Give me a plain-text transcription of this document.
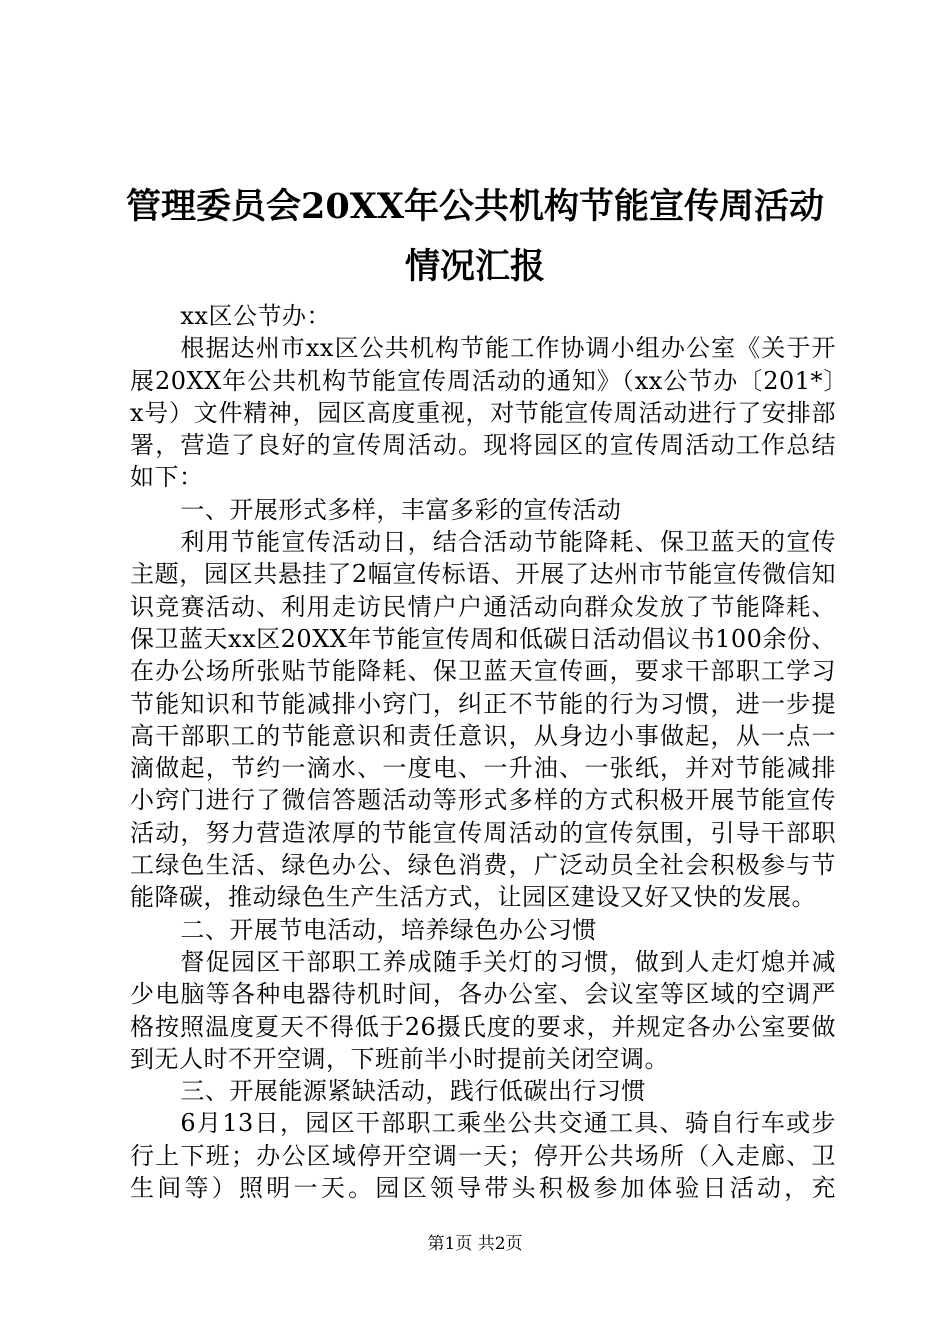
管理委员会20XX年公共机构节能宣传周活动
情况汇报

xx区公节办：

根据达州市xx区公共机构节能工作协调小组办公室《关于开展20XX年公共机构节能宣传周活动的通知》（xx公节办〔201*〕x号）文件精神，园区高度重视，对节能宣传周活动进行了安排部署，营造了良好的宣传周活动。现将园区的宣传周活动工作总结如下：

一、开展形式多样，丰富多彩的宣传活动

利用节能宣传活动日，结合活动节能降耗、保卫蓝天的宣传主题，园区共悬挂了2幅宣传标语、开展了达州市节能宣传微信知识竞赛活动、利用走访民情户户通活动向群众发放了节能降耗、保卫蓝天xx区20XX年节能宣传周和低碳日活动倡议书100余份、在办公场所张贴节能降耗、保卫蓝天宣传画，要求干部职工学习节能知识和节能减排小窍门，纠正不节能的行为习惯，进一步提高干部职工的节能意识和责任意识，从身边小事做起，从一点一滴做起，节约一滴水、一度电、一升油、一张纸，并对节能减排小窍门进行了微信答题活动等形式多样的方式积极开展节能宣传活动，努力营造浓厚的节能宣传周活动的宣传氛围，引导干部职工绿色生活、绿色办公、绿色消费，广泛动员全社会积极参与节能降碳，推动绿色生产生活方式，让园区建设又好又快的发展。

二、开展节电活动，培养绿色办公习惯

督促园区干部职工养成随手关灯的习惯，做到人走灯熄并减少电脑等各种电器待机时间，各办公室、会议室等区域的空调严格按照温度夏天不得低于26摄氏度的要求，并规定各办公室要做到无人时不开空调，下班前半小时提前关闭空调。

三、开展能源紧缺活动，践行低碳出行习惯

6月13日，园区干部职工乘坐公共交通工具、骑自行车或步行上下班；办公区域停开空调一天；停开公共场所（入走廊、卫生间等）照明一天。园区领导带头积极参加体验日活动，充

第1页 共2页
